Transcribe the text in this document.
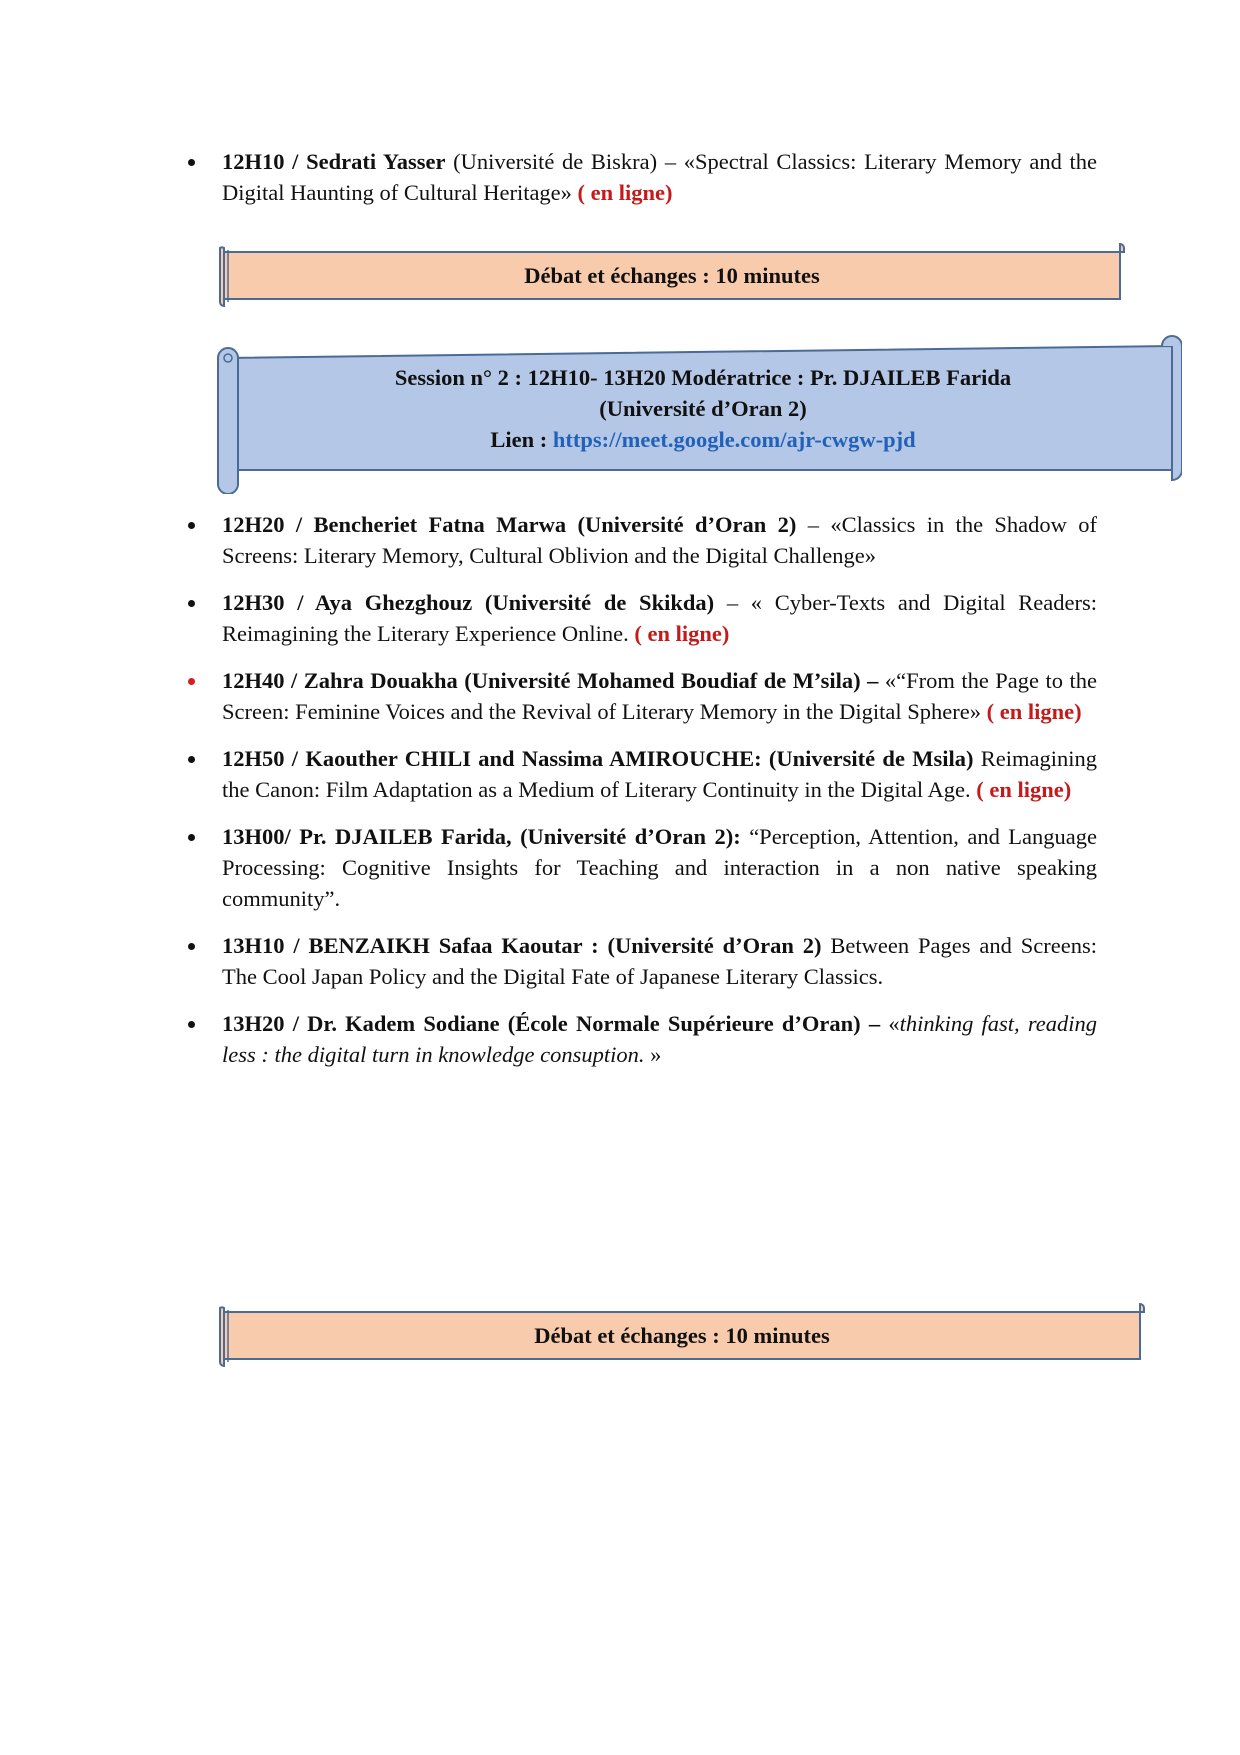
12H10 / Sedrati Yasser (Université de Biskra) – «Spectral Classics: Literary Memory and the Digital Haunting of Cultural Heritage» ( en ligne)
Débat et échanges : 10 minutes
Session n° 2 : 12H10- 13H20 Modératrice : Pr. DJAILEB Farida
(Université d’Oran 2)
Lien : https://meet.google.com/ajr-cwgw-pjd
12H20 / Bencheriet Fatna Marwa (Université d’Oran 2) – «Classics in the Shadow of Screens: Literary Memory, Cultural Oblivion and the Digital Challenge»
12H30 / Aya Ghezghouz (Université de Skikda) – « Cyber-Texts and Digital Readers: Reimagining the Literary Experience Online. ( en ligne)
12H40 / Zahra Douakha (Université Mohamed Boudiaf de M’sila) – «“From the Page to the Screen: Feminine Voices and the Revival of Literary Memory in the Digital Sphere» ( en ligne)
12H50 / Kaouther CHILI and Nassima AMIROUCHE: (Université de Msila) Reimagining the Canon: Film Adaptation as a Medium of Literary Continuity in the Digital Age. ( en ligne)
13H00/ Pr. DJAILEB Farida, (Université d’Oran 2): “Perception, Attention, and Language Processing: Cognitive Insights for Teaching and interaction in a non native speaking community”.
13H10 / BENZAIKH Safaa Kaoutar : (Université d’Oran 2) Between Pages and Screens: The Cool Japan Policy and the Digital Fate of Japanese Literary Classics.
13H20 / Dr. Kadem Sodiane (École Normale Supérieure d’Oran) – «thinking fast, reading less : the digital turn in knowledge consuption. »
Débat et échanges : 10 minutes
